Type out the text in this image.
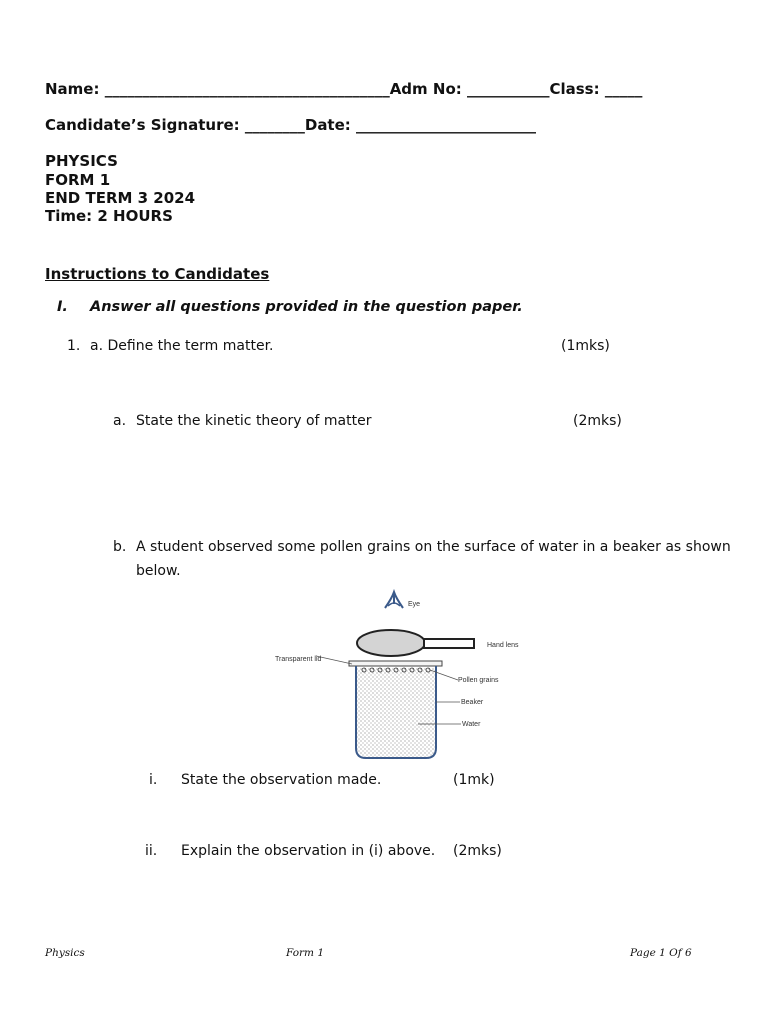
Name: ______________________________________Adm No: ___________Class: _____
Candidate’s Signature: ________Date: ________________________
PHYSICS
FORM 1
END TERM 3 2024
Time: 2 HOURS
Instructions to Candidates
I. Answer all questions provided in the question paper.
1. a. Define the term matter.	(1mks)
a. State the kinetic theory of matter	(2mks)
b. A student observed some pollen grains on the surface of water in a beaker as shown
below.
Eye
Hand lens
Transparent lid
Pollen grains
Beaker
Water
i. State the observation made.	(1mk)
ii. Explain the observation in (i) above. (2mks)
Physics	Form 1	Page 1 Of 6
